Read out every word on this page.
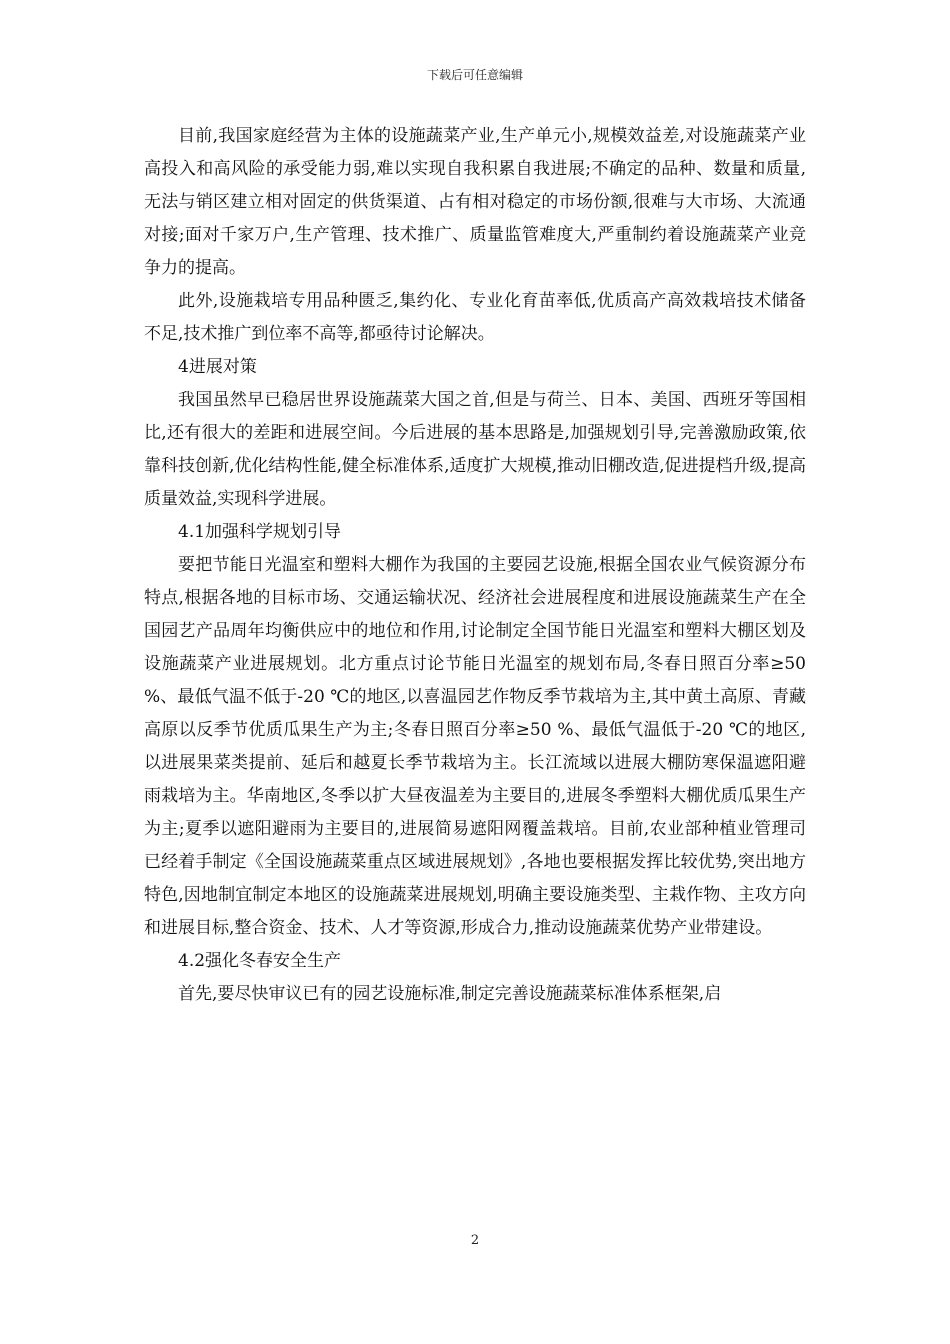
下载后可任意编辑

目前,我国家庭经营为主体的设施蔬菜产业,生产单元小,规模效益差,对设施蔬菜产业高投入和高风险的承受能力弱,难以实现自我积累自我进展;不确定的品种、数量和质量,无法与销区建立相对固定的供货渠道、占有相对稳定的市场份额,很难与大市场、大流通对接;面对千家万户,生产管理、技术推广、质量监管难度大,严重制约着设施蔬菜产业竞争力的提高。

此外,设施栽培专用品种匮乏,集约化、专业化育苗率低,优质高产高效栽培技术储备不足,技术推广到位率不高等,都亟待讨论解决。

4进展对策

我国虽然早已稳居世界设施蔬菜大国之首,但是与荷兰、日本、美国、西班牙等国相比,还有很大的差距和进展空间。今后进展的基本思路是,加强规划引导,完善激励政策,依靠科技创新,优化结构性能,健全标准体系,适度扩大规模,推动旧棚改造,促进提档升级,提高质量效益,实现科学进展。

4.1加强科学规划引导

要把节能日光温室和塑料大棚作为我国的主要园艺设施,根据全国农业气候资源分布特点,根据各地的目标市场、交通运输状况、经济社会进展程度和进展设施蔬菜生产在全国园艺产品周年均衡供应中的地位和作用,讨论制定全国节能日光温室和塑料大棚区划及设施蔬菜产业进展规划。北方重点讨论节能日光温室的规划布局,冬春日照百分率≥50 %、最低气温不低于-20 ℃的地区,以喜温园艺作物反季节栽培为主,其中黄土高原、青藏高原以反季节优质瓜果生产为主;冬春日照百分率≥50 %、最低气温低于-20 ℃的地区,以进展果菜类提前、延后和越夏长季节栽培为主。长江流域以进展大棚防寒保温遮阳避雨栽培为主。华南地区,冬季以扩大昼夜温差为主要目的,进展冬季塑料大棚优质瓜果生产为主;夏季以遮阳避雨为主要目的,进展简易遮阳网覆盖栽培。目前,农业部种植业管理司已经着手制定《全国设施蔬菜重点区域进展规划》,各地也要根据发挥比较优势,突出地方特色,因地制宜制定本地区的设施蔬菜进展规划,明确主要设施类型、主栽作物、主攻方向和进展目标,整合资金、技术、人才等资源,形成合力,推动设施蔬菜优势产业带建设。

4.2强化冬春安全生产

首先,要尽快审议已有的园艺设施标准,制定完善设施蔬菜标准体系框架,启

2
